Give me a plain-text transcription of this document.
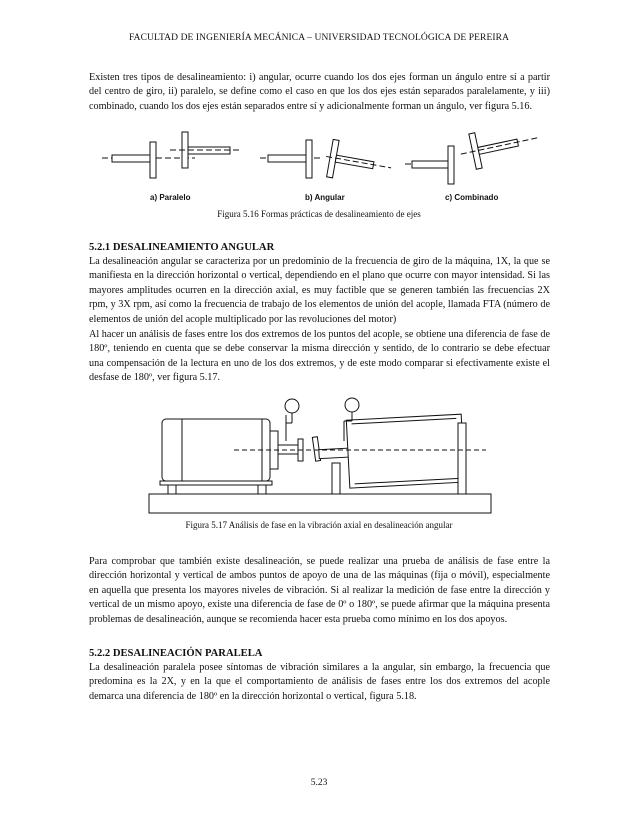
FACULTAD DE INGENIERÍA MECÁNICA – UNIVERSIDAD TECNOLÓGICA DE PEREIRA

Existen tres tipos de desalineamiento: i) angular, ocurre cuando los dos ejes forman un ángulo entre sí a partir del centro de giro, ii) paralelo, se define como el caso en que los dos ejes están separados paralelamente, y iii) combinado, cuando los dos ejes están separados entre sí y adicionalmente forman un ángulo, ver figura 5.16.

a) Paralelo	b) Angular	c) Combinado
Figura 5.16 Formas prácticas de desalineamiento de ejes

5.2.1 DESALINEAMIENTO ANGULAR

La desalineación angular se caracteriza por un predominio de la frecuencia de giro de la máquina, 1X, la que se manifiesta en la dirección horizontal o vertical, dependiendo en el plano que ocurre con mayor intensidad. Si las mayores amplitudes ocurren en la dirección axial, es muy factible que se generen también las frecuencias 2X rpm, y 3X rpm, así como la frecuencia de trabajo de los elementos de unión del acople, llamada FTA (número de elementos de unión del acople multiplicado por las revoluciones del motor)

Al hacer un análisis de fases entre los dos extremos de los puntos del acople, se obtiene una diferencia de fase de 180º, teniendo en cuenta que se debe conservar la misma dirección y sentido, de lo contrario se debe efectuar una compensación de la lectura en uno de los dos extremos, y de este modo comparar si efectivamente existe el desfase de 180º, ver figura 5.17.

Figura 5.17 Análisis de fase en la vibración axial en desalineación angular

Para comprobar que también existe desalineación, se puede realizar una prueba de análisis de fase entre la dirección horizontal y vertical de ambos puntos de apoyo de una de las máquinas (fija o móvil), especialmente en aquella que presenta los mayores niveles de vibración. Si al realizar la medición de fase entre la dirección y vertical de un mismo apoyo, existe una diferencia de fase de 0º o 180º, se puede afirmar que la máquina presenta problemas de desalineación, aunque se recomienda hacer esta prueba como mínimo en los dos apoyos.

5.2.2 DESALINEACIÓN PARALELA

La desalineación paralela posee síntomas de vibración similares a la angular, sin embargo, la frecuencia que predomina es la 2X, y en la que el comportamiento de análisis de fases entre los dos extremos del acople demarca una diferencia de 180º en la dirección horizontal o vertical, figura 5.18.

5.23
